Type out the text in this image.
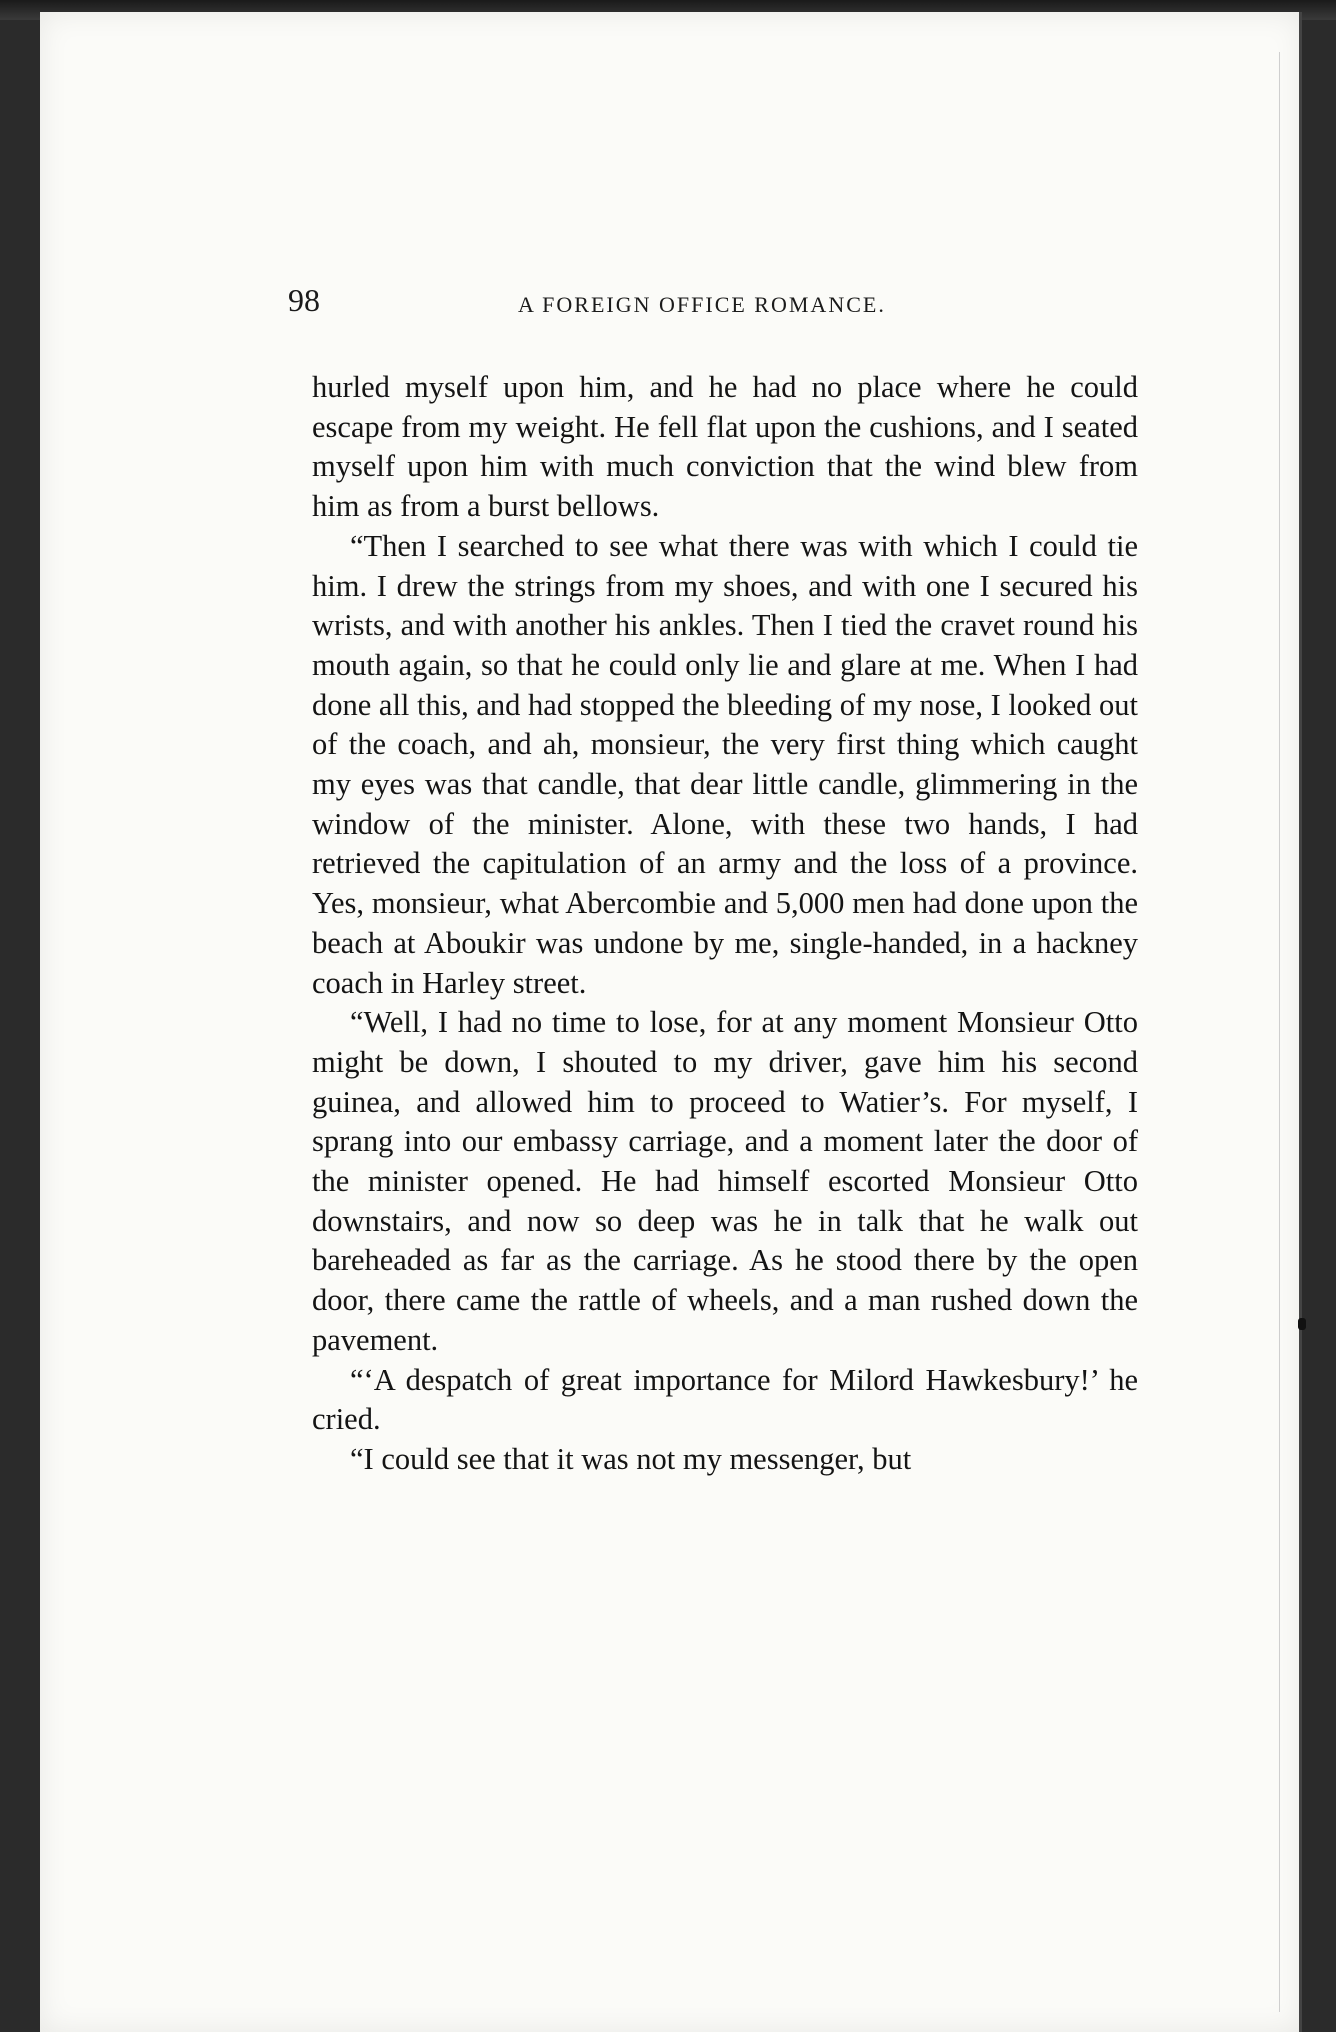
98	A FOREIGN OFFICE ROMANCE.

hurled myself upon him, and he had no place where he could escape from my weight. He fell flat upon the cushions, and I seated myself upon him with much conviction that the wind blew from him as from a burst bellows.

“Then I searched to see what there was with which I could tie him. I drew the strings from my shoes, and with one I secured his wrists, and with another his ankles. Then I tied the cravet round his mouth again, so that he could only lie and glare at me. When I had done all this, and had stopped the bleeding of my nose, I looked out of the coach, and ah, monsieur, the very first thing which caught my eyes was that candle, that dear little candle, glimmering in the window of the minister. Alone, with these two hands, I had retrieved the capitulation of an army and the loss of a province. Yes, monsieur, what Abercombie and 5,000 men had done upon the beach at Aboukir was undone by me, single-handed, in a hackney coach in Harley street.

“Well, I had no time to lose, for at any moment Monsieur Otto might be down, I shouted to my driver, gave him his second guinea, and allowed him to proceed to Watier’s. For myself, I sprang into our embassy carriage, and a moment later the door of the minister opened. He had himself escorted Monsieur Otto downstairs, and now so deep was he in talk that he walk out bareheaded as far as the carriage. As he stood there by the open door, there came the rattle of wheels, and a man rushed down the pavement.

“‘A despatch of great importance for Milord Hawkesbury!’ he cried.

“I could see that it was not my messenger, but
